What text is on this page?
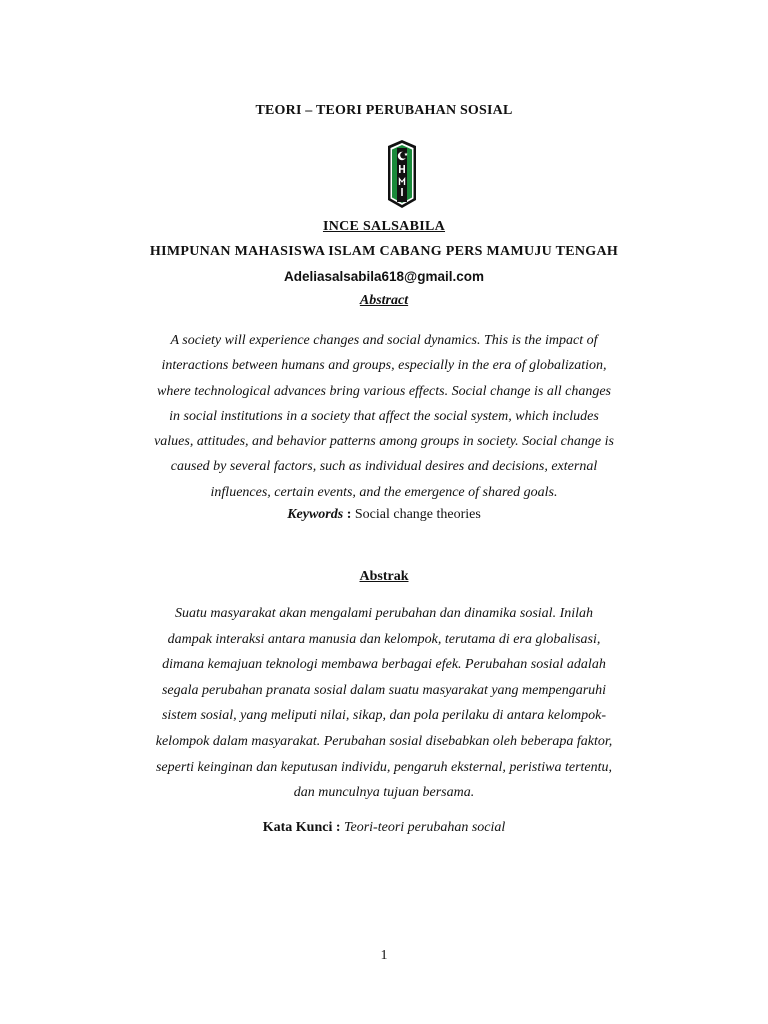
TEORI – TEORI PERUBAHAN SOSIAL
INCE SALSABILA
HIMPUNAN MAHASISWA ISLAM CABANG PERS MAMUJU TENGAH
Adeliasalsabila618@gmail.com
Abstract
A society will experience changes and social dynamics. This is the impact of
interactions between humans and groups, especially in the era of globalization,
where technological advances bring various effects. Social change is all changes
in social institutions in a society that affect the social system, which includes
values, attitudes, and behavior patterns among groups in society. Social change is
caused by several factors, such as individual desires and decisions, external
influences, certain events, and the emergence of shared goals.
Keywords : Social change theories
Abstrak
Suatu masyarakat akan mengalami perubahan dan dinamika sosial. Inilah
dampak interaksi antara manusia dan kelompok, terutama di era globalisasi,
dimana kemajuan teknologi membawa berbagai efek. Perubahan sosial adalah
segala perubahan pranata sosial dalam suatu masyarakat yang mempengaruhi
sistem sosial, yang meliputi nilai, sikap, dan pola perilaku di antara kelompok-
kelompok dalam masyarakat. Perubahan sosial disebabkan oleh beberapa faktor,
seperti keinginan dan keputusan individu, pengaruh eksternal, peristiwa tertentu,
dan munculnya tujuan bersama.
Kata Kunci : Teori-teori perubahan social
1
